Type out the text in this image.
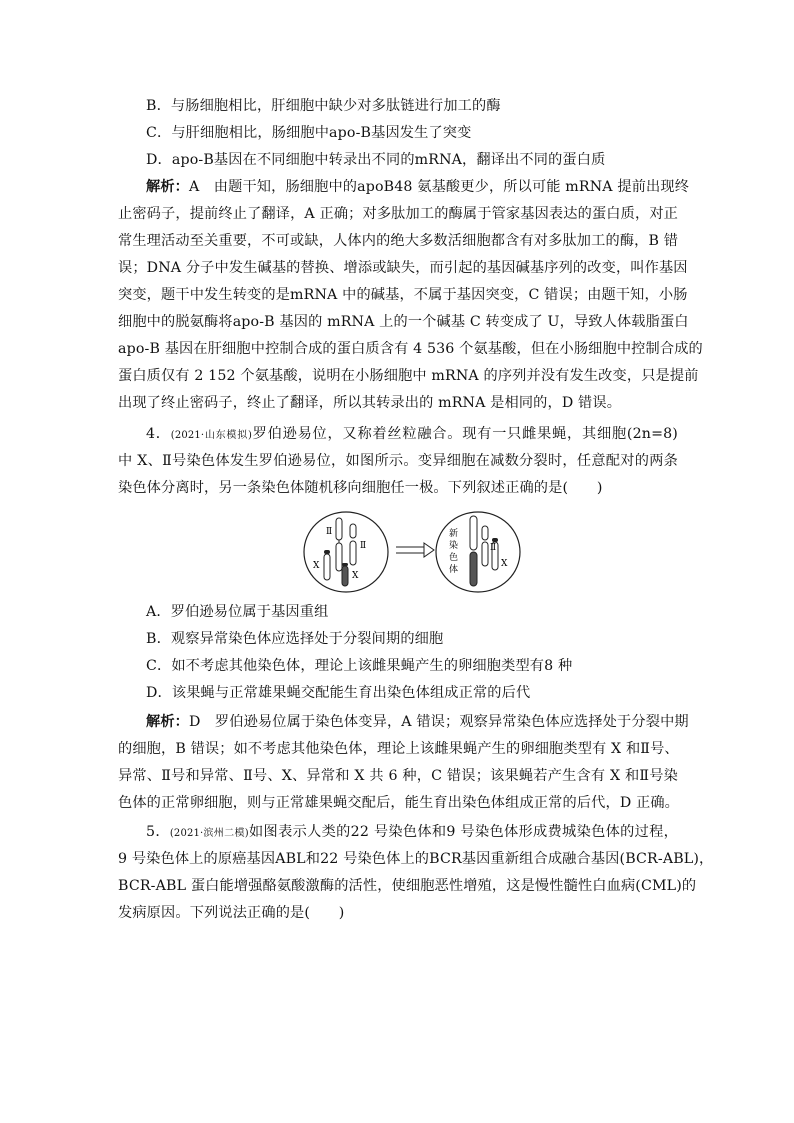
B．与肠细胞相比，肝细胞中缺少对多肽链进行加工的酶
C．与肝细胞相比，肠细胞中apo-B基因发生了突变
D．apo-B基因在不同细胞中转录出不同的mRNA，翻译出不同的蛋白质
解析：A　 由题干知，肠细胞中的apoB48 氨基酸更少，所以可能 mRNA 提前出现终
止密码子，提前终止了翻译，A 正确；对多肽加工的酶属于管家基因表达的蛋白质，对正
常生理活动至关重要，不可或缺，人体内的绝大多数活细胞都含有对多肽加工的酶，B 错
误；DNA 分子中发生碱基的替换、增添或缺失，而引起的基因碱基序列的改变，叫作基因
突变，题干中发生转变的是mRNA 中的碱基，不属于基因突变，C 错误；由题干知，小肠
细胞中的脱氨酶将apo-B 基因的 mRNA 上的一个碱基 C 转变成了 U，导致人体载脂蛋白
apo-B 基因在肝细胞中控制合成的蛋白质含有 4 536 个氨基酸，但在小肠细胞中控制合成的
蛋白质仅有 2 152 个氨基酸，说明在小肠细胞中 mRNA 的序列并没有发生改变，只是提前
出现了终止密码子，终止了翻译，所以其转录出的 mRNA 是相同的，D 错误。
4．(2021·山东模拟)罗伯逊易位，又称着丝粒融合。现有一只雌果蝇，其细胞(2n=8)
中 X、Ⅱ号染色体发生罗伯逊易位，如图所示。变异细胞在减数分裂时，任意配对的两条
染色体分离时，另一条染色体随机移向细胞任一极。下列叙述正确的是(　　)
Ⅱ
Ⅱ
X
X
新
染
色
体
Ⅱ
X
A．罗伯逊易位属于基因重组
B．观察异常染色体应选择处于分裂间期的细胞
C．如不考虑其他染色体，理论上该雌果蝇产生的卵细胞类型有8 种
D．该果蝇与正常雄果蝇交配能生育出染色体组成正常的后代
解析：D　 罗伯逊易位属于染色体变异，A 错误；观察异常染色体应选择处于分裂中期
的细胞，B 错误；如不考虑其他染色体，理论上该雌果蝇产生的卵细胞类型有 X 和Ⅱ号、
异常、Ⅱ号和异常、Ⅱ号、X、异常和 X 共 6 种，C 错误；该果蝇若产生含有 X 和Ⅱ号染
色体的正常卵细胞，则与正常雄果蝇交配后，能生育出染色体组成正常的后代，D 正确。
5．(2021·滨州二模)如图表示人类的22 号染色体和9 号染色体形成费城染色体的过程，
9 号染色体上的原癌基因ABL和22 号染色体上的BCR基因重新组合成融合基因(BCR-ABL)，
BCR-ABL 蛋白能增强酪氨酸激酶的活性，使细胞恶性增殖，这是慢性髓性白血病(CML)的
发病原因。下列说法正确的是(　　)
